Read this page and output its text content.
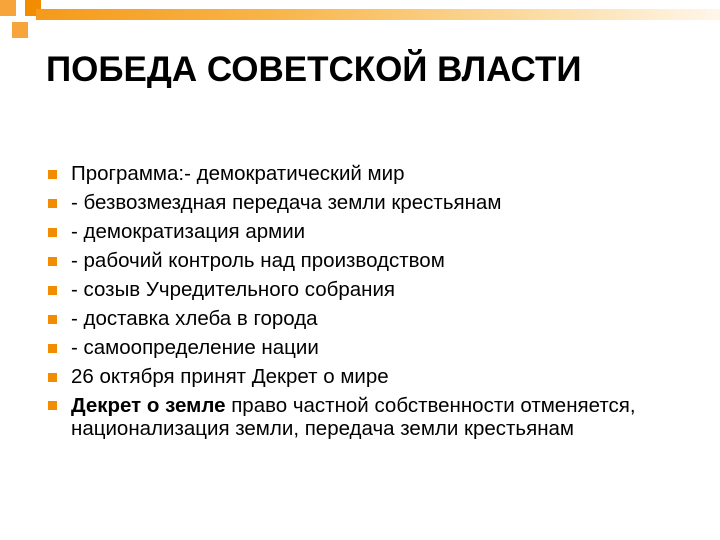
ПОБЕДА СОВЕТСКОЙ ВЛАСТИ
Программа:- демократический мир
- безвозмездная передача земли крестьянам
- демократизация армии
- рабочий контроль над производством
- созыв Учредительного собрания
- доставка хлеба в города
- самоопределение нации
26 октября принят Декрет о мире
Декрет о земле право частной собственности отменяется, национализация земли, передача земли крестьянам
